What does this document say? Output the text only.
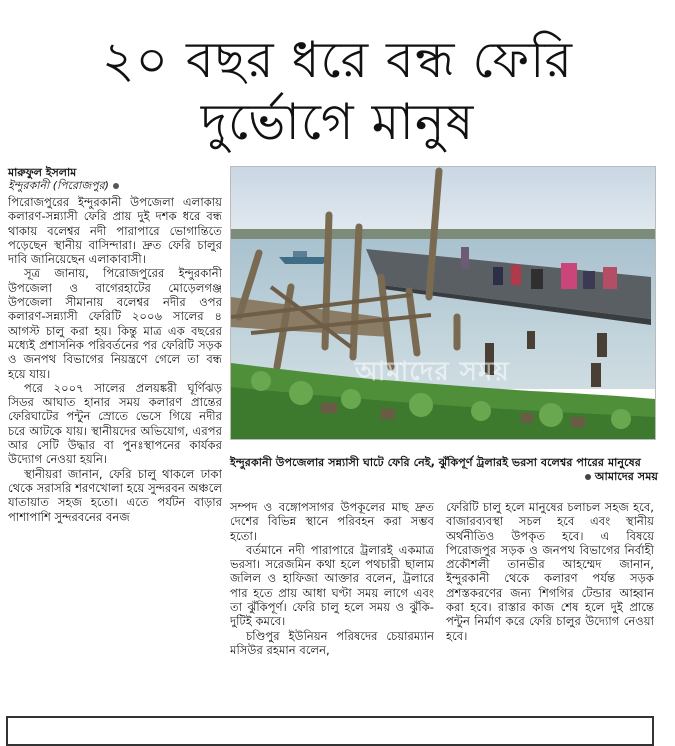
২০ বছর ধরে বন্ধ ফেরি
দুর্ভোগে মানুষ
মারুফুল ইসলাম
ইন্দুরকানী (পিরোজপুর)

পিরোজপুরের ইন্দুরকানী উপজেলা এলাকায় কলারণ-সন্ন্যাসী ফেরি প্রায় দুই দশক ধরে বন্ধ থাকায় বলেশ্বর নদী পারাপারে ভোগান্তিতে পড়েছেন স্থানীয় বাসিন্দারা। দ্রুত ফেরি চালুর দাবি জানিয়েছেন এলাকাবাসী।

সূত্র জানায়, পিরোজপুরের ইন্দুরকানী উপজেলা ও বাগেরহাটের মোড়েলগঞ্জ উপজেলা সীমানায় বলেশ্বর নদীর ওপর কলারণ-সন্ন্যাসী ফেরিটি ২০০৬ সালের ৪ আগস্ট চালু করা হয়। কিন্তু মাত্র এক বছরের মধ্যেই প্রশাসনিক পরিবর্তনের পর ফেরিটি সড়ক ও জনপথ বিভাগের নিয়ন্ত্রণে গেলে তা বন্ধ হয়ে যায়।

পরে ২০০৭ সালের প্রলয়ঙ্করী ঘূর্ণিঝড় সিডর আঘাত হানার সময় কলারণ প্রান্তের ফেরিঘাটের পন্টুন স্রোতে ভেসে গিয়ে নদীর চরে আটকে যায়। স্থানীয়দের অভিযোগ, এরপর আর সেটি উদ্ধার বা পুনঃস্থাপনের কার্যকর উদ্যোগ নেওয়া হয়নি।

স্থানীয়রা জানান, ফেরি চালু থাকলে ঢাকা থেকে সরাসরি শরণখোলা হয়ে সুন্দরবন অঞ্চলে যাতায়াত সহজ হতো। এতে পর্যটন বাড়ার পাশাপাশি সুন্দরবনের বনজ

আমাদের সময়
ইন্দুরকানী উপজেলার সন্ন্যাসী ঘাটে ফেরি নেই, ঝুঁকিপূর্ণ ট্রলারই ভরসা বলেশ্বর পারের মানুষের
আমাদের সময়

সম্পদ ও বঙ্গোপসাগর উপকূলের মাছ দ্রুত দেশের বিভিন্ন স্থানে পরিবহন করা সম্ভব হতো।

বর্তমানে নদী পারাপারে ট্রলারই একমাত্র ভরসা। সরেজমিন কথা হলে পথচারী ছালাম জলিল ও হাফিজা আক্তার বলেন, ট্রলারে পার হতে প্রায় আধা ঘণ্টা সময় লাগে এবং তা ঝুঁকিপূর্ণ। ফেরি চালু হলে সময় ও ঝুঁকি- দুটিই কমবে।

চণ্ডিপুর ইউনিয়ন পরিষদের চেয়ারম্যান মসিউর রহমান বলেন,

ফেরিটি চালু হলে মানুষের চলাচল সহজ হবে, বাজারব্যবস্থা সচল হবে এবং স্থানীয় অর্থনীতিও উপকৃত হবে। এ বিষয়ে পিরোজপুর সড়ক ও জনপথ বিভাগের নির্বাহী প্রকৌশলী তানভীর আহম্মেদ জানান, ইন্দুরকানী থেকে কলারণ পর্যন্ত সড়ক প্রশস্তকরণের জন্য শিগগির টেন্ডার আহ্বান করা হবে। রাস্তার কাজ শেষ হলে দুই প্রান্তে পন্টুন নির্মাণ করে ফেরি চালুর উদ্যোগ নেওয়া হবে।
